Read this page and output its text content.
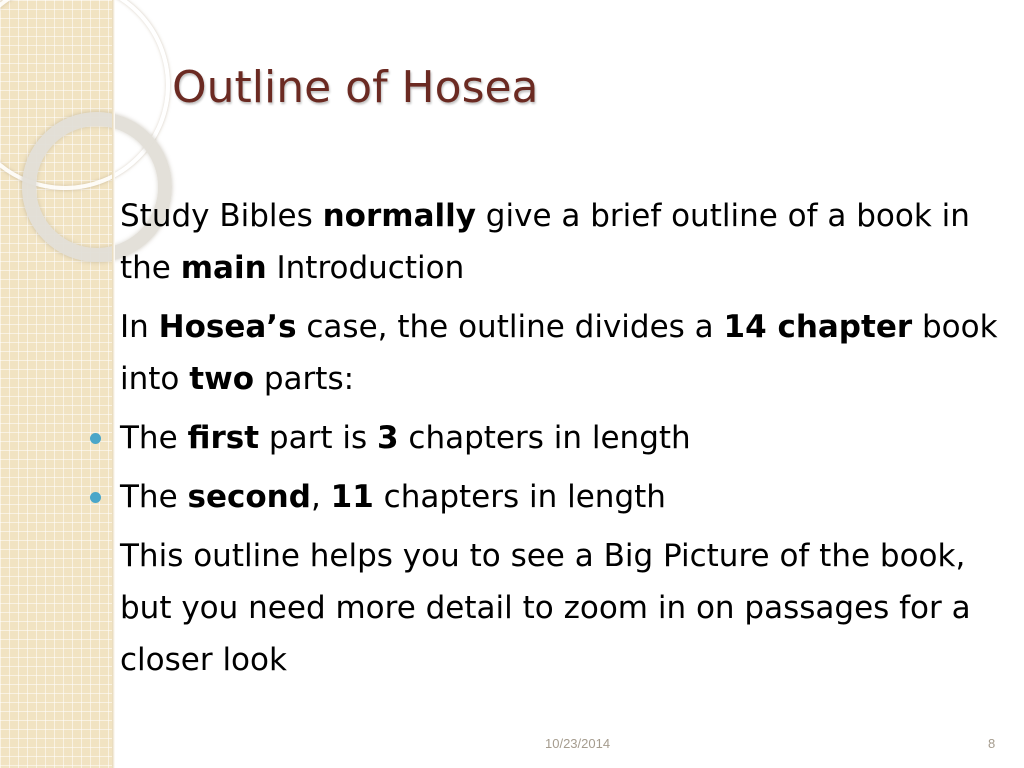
Outline of Hosea

Study Bibles normally give a brief outline of a book in the main Introduction

In Hosea’s case, the outline divides a 14 chapter book into two parts:

The first part is 3 chapters in length

The second, 11 chapters in length

This outline helps you to see a Big Picture of the book, but you need more detail to zoom in on passages for a closer look

10/23/2014	8
